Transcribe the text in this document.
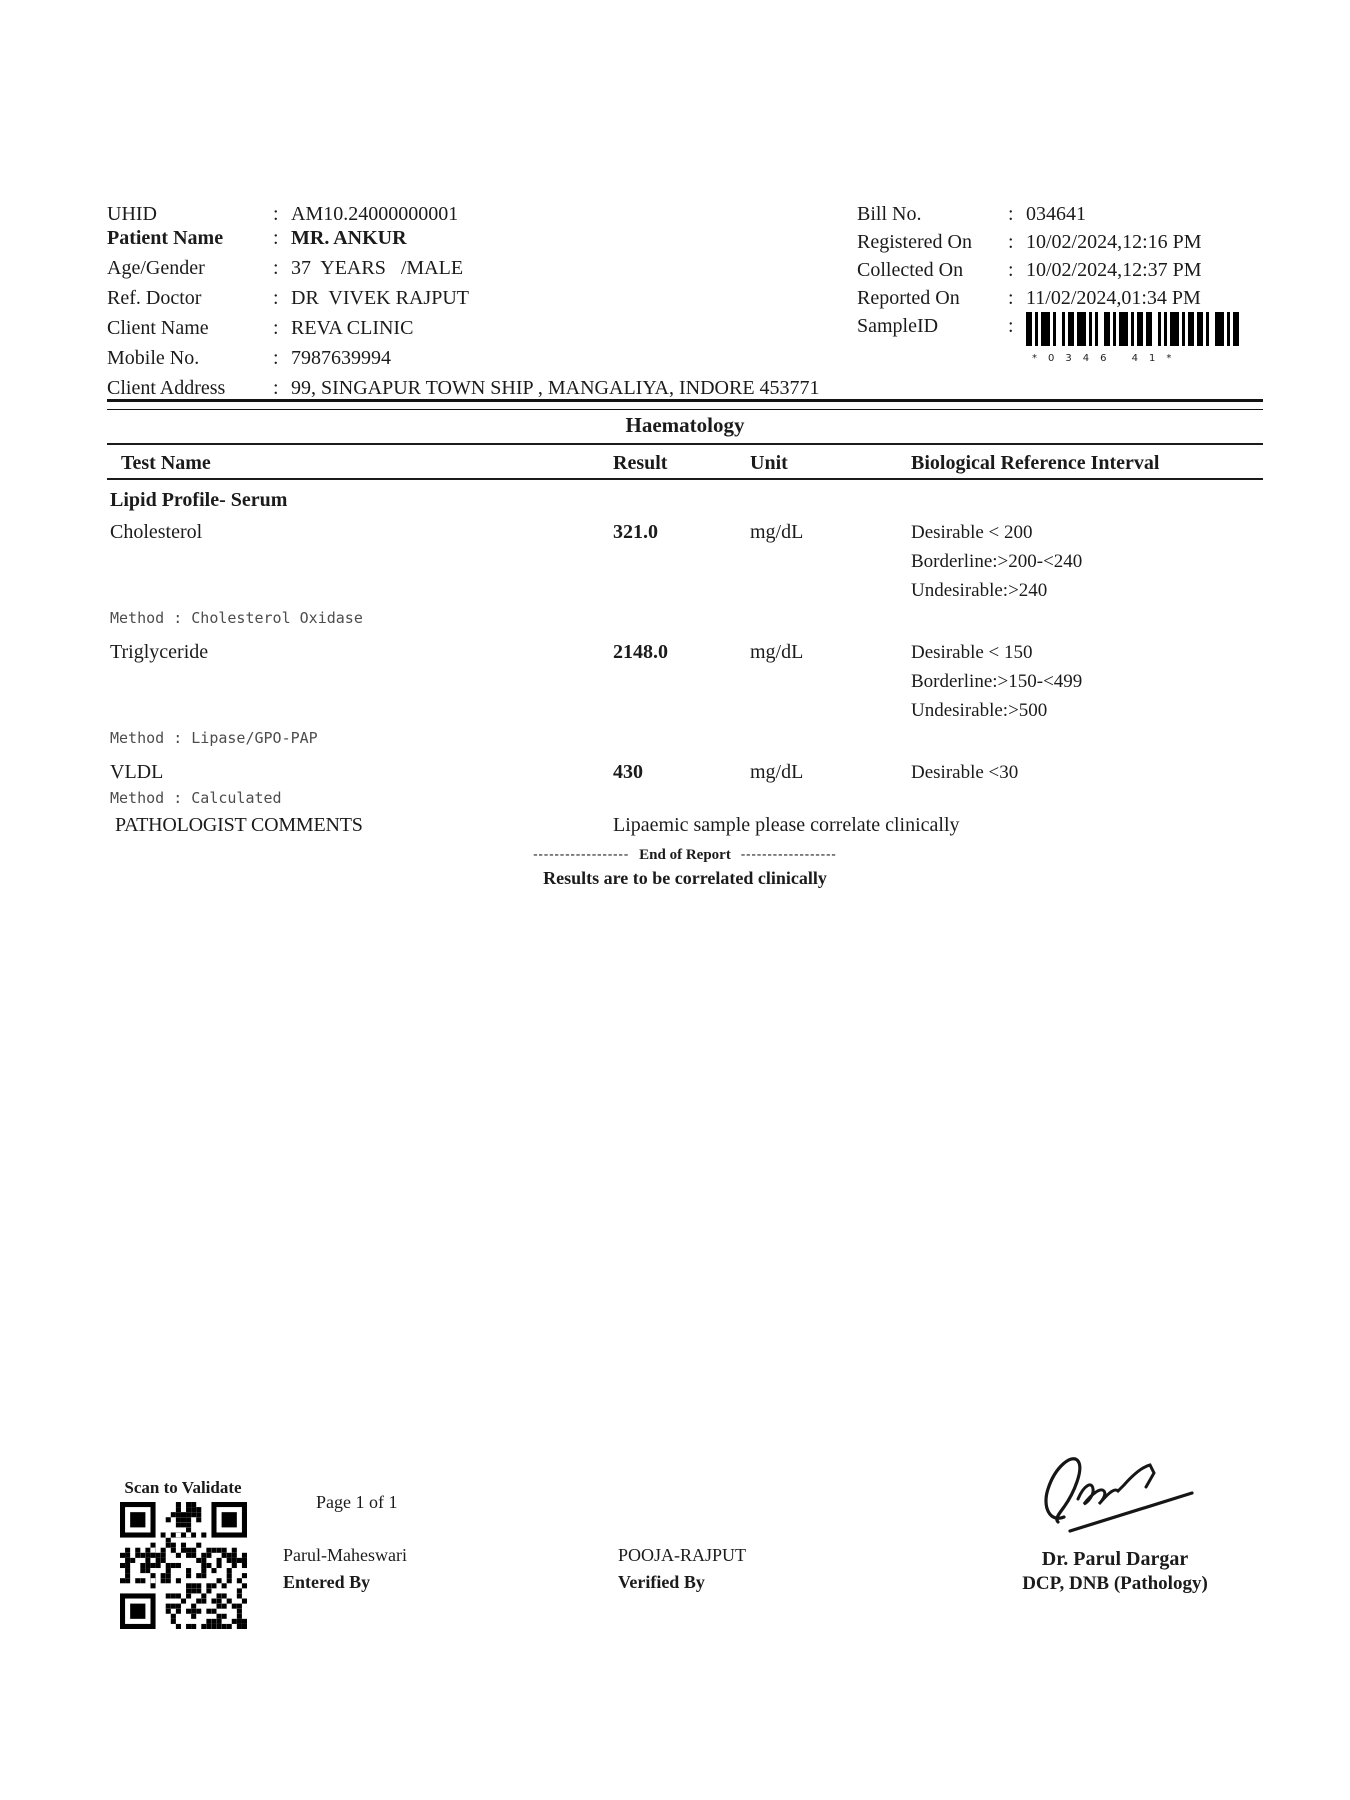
UHID	: AM10.24000000001
Patient Name	: MR. ANKUR
Age/Gender	: 37  YEARS   /MALE
Ref. Doctor	: DR  VIVEK RAJPUT
Client Name	: REVA CLINIC
Mobile No.	: 7987639994
Client Address	: 99, SINGAPUR TOWN SHIP , MANGALIYA, INDORE 453771
Bill No.	: 034641
Registered On	: 10/02/2024,12:16 PM
Collected On	: 10/02/2024,12:37 PM
Reported On	: 11/02/2024,01:34 PM
SampleID	:
*0346 41*
Haematology
Test Name	Result	Unit	Biological Reference Interval
Lipid Profile- Serum
Cholesterol	321.0	mg/dL	Desirable < 200
Borderline:>200-<240
Undesirable:>240
Method : Cholesterol Oxidase
Triglyceride	2148.0	mg/dL	Desirable < 150
Borderline:>150-<499
Undesirable:>500
Method : Lipase/GPO-PAP
VLDL	430	mg/dL	Desirable <30
Method : Calculated
PATHOLOGIST COMMENTS	Lipaemic sample please correlate clinically
------------------ End of Report ------------------
Results are to be correlated clinically
Scan to Validate
Page 1 of 1
Parul-Maheswari
Entered By
POOJA-RAJPUT
Verified By
Dr. Parul Dargar
DCP, DNB (Pathology)
